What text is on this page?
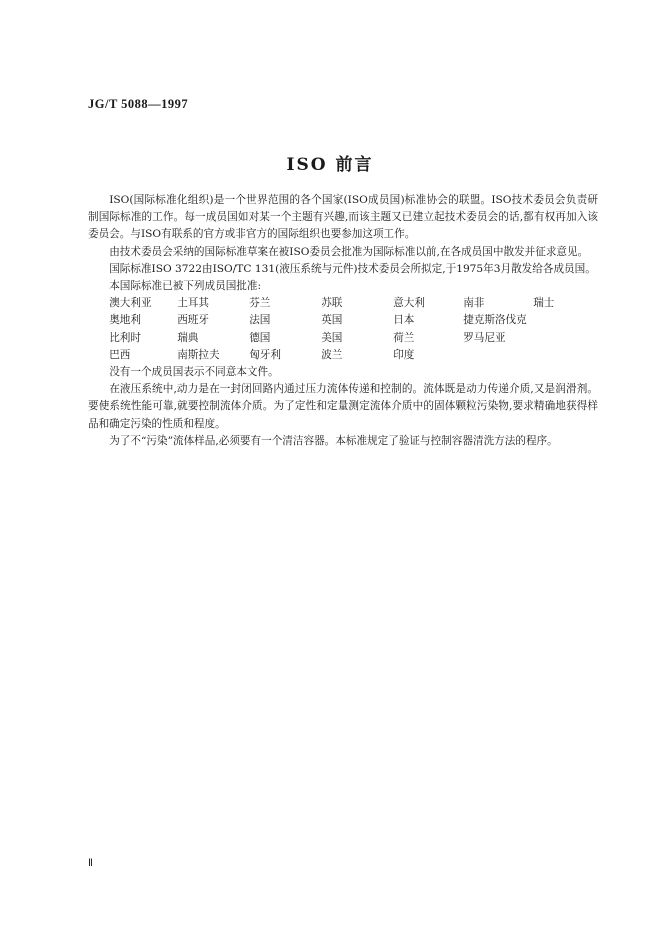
JG/T 5088—1997
ISO 前言

ISO(国际标准化组织)是一个世界范围的各个国家(ISO成员国)标准协会的联盟。ISO技术委员会负责研制国际标准的工作。每一成员国如对某一个主题有兴趣,而该主题又已建立起技术委员会的话,都有权再加入该委员会。与ISO有联系的官方或非官方的国际组织也要参加这项工作。

由技术委员会采纳的国际标准草案在被ISO委员会批准为国际标准以前,在各成员国中散发并征求意见。

国际标准ISO 3722由ISO/TC 131(液压系统与元件)技术委员会所拟定,于1975年3月散发给各成员国。

本国际标准已被下列成员国批准:

澳大利亚	土耳其	芬兰	苏联	意大利	南非	瑞士
奥地利	西班牙	法国	英国	日本	捷克斯洛伐克
比利时	瑞典	德国	美国	荷兰	罗马尼亚
巴西	南斯拉夫	匈牙利	波兰	印度

没有一个成员国表示不同意本文件。

在液压系统中,动力是在一封闭回路内通过压力流体传递和控制的。流体既是动力传递介质,又是润滑剂。要使系统性能可靠,就要控制流体介质。为了定性和定量测定流体介质中的固体颗粒污染物,要求精确地获得样品和确定污染的性质和程度。

为了不“污染”流体样品,必须要有一个清洁容器。本标准规定了验证与控制容器清洗方法的程序。

Ⅱ
